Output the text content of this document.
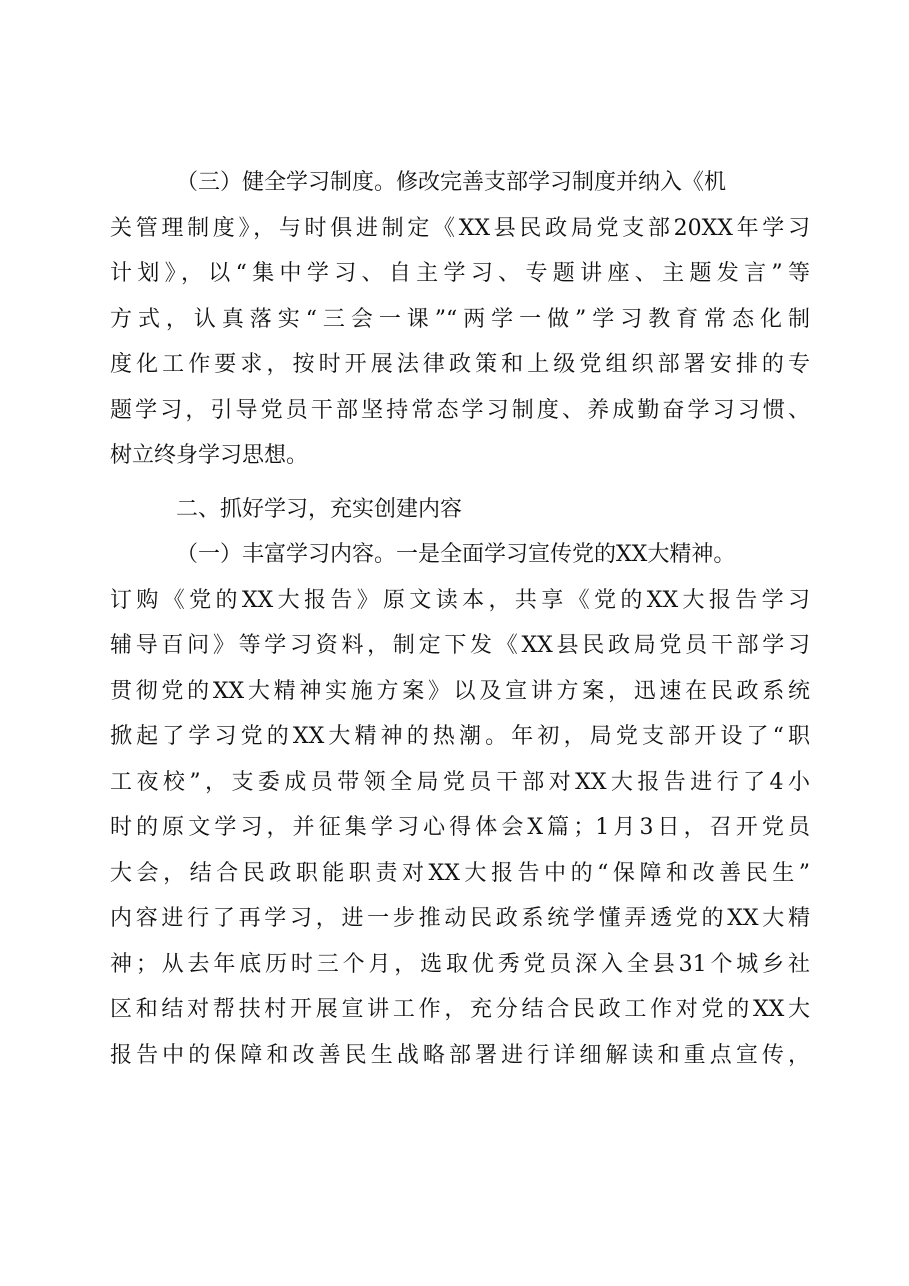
（三）健全学习制度。修改完善支部学习制度并纳入《机
关管理制度》，与时俱进制定《XX县民政局党支部20XX年学习
计划》，以“集中学习、自主学习、专题讲座、主题发言”等
方式，认真落实“三会一课”“两学一做”学习教育常态化制
度化工作要求，按时开展法律政策和上级党组织部署安排的专
题学习，引导党员干部坚持常态学习制度、养成勤奋学习习惯、
树立终身学习思想。
二、抓好学习，充实创建内容
（一）丰富学习内容。一是全面学习宣传党的XX大精神。
订购《党的XX大报告》原文读本，共享《党的XX大报告学习
辅导百问》等学习资料，制定下发《XX县民政局党员干部学习
贯彻党的XX大精神实施方案》以及宣讲方案，迅速在民政系统
掀起了学习党的XX大精神的热潮。年初，局党支部开设了“职
工夜校”，支委成员带领全局党员干部对XX大报告进行了4小
时的原文学习，并征集学习心得体会X篇；1月3日，召开党员
大会，结合民政职能职责对XX大报告中的“保障和改善民生”
内容进行了再学习，进一步推动民政系统学懂弄透党的XX大精
神；从去年底历时三个月，选取优秀党员深入全县31个城乡社
区和结对帮扶村开展宣讲工作，充分结合民政工作对党的XX大
报告中的保障和改善民生战略部署进行详细解读和重点宣传，
